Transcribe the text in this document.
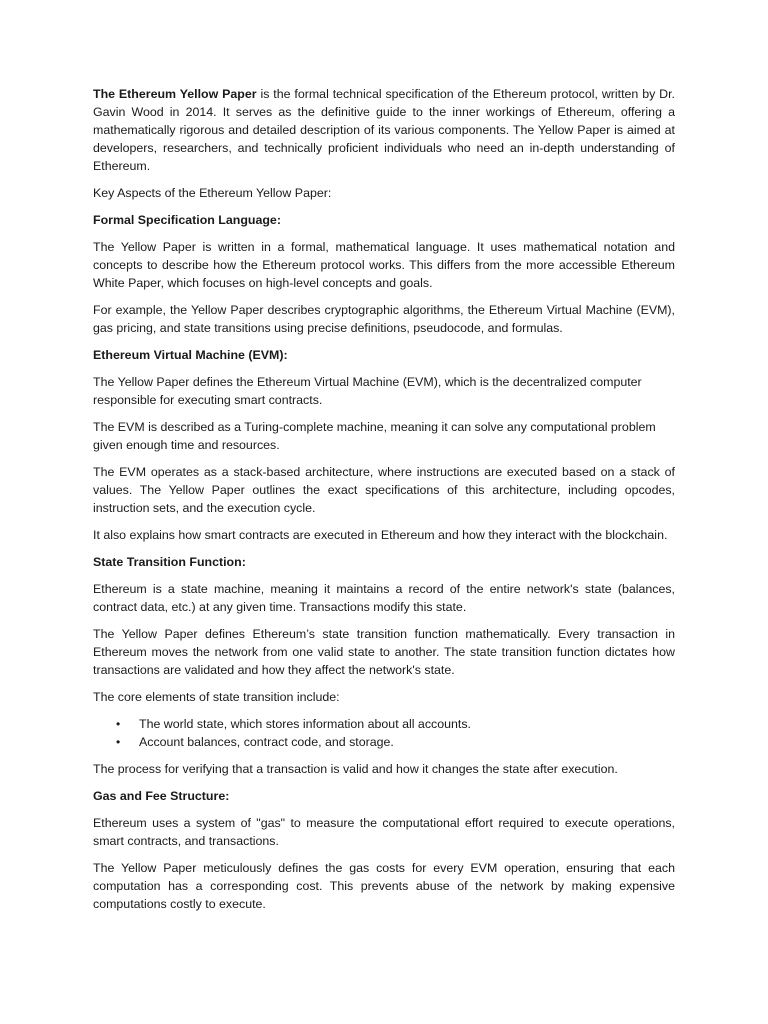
The Ethereum Yellow Paper is the formal technical specification of the Ethereum protocol, written by Dr. Gavin Wood in 2014. It serves as the definitive guide to the inner workings of Ethereum, offering a mathematically rigorous and detailed description of its various components. The Yellow Paper is aimed at developers, researchers, and technically proficient individuals who need an in-depth understanding of Ethereum.

Key Aspects of the Ethereum Yellow Paper:

Formal Specification Language:

The Yellow Paper is written in a formal, mathematical language. It uses mathematical notation and concepts to describe how the Ethereum protocol works. This differs from the more accessible Ethereum White Paper, which focuses on high-level concepts and goals.

For example, the Yellow Paper describes cryptographic algorithms, the Ethereum Virtual Machine (EVM), gas pricing, and state transitions using precise definitions, pseudocode, and formulas.

Ethereum Virtual Machine (EVM):

The Yellow Paper defines the Ethereum Virtual Machine (EVM), which is the decentralized computer responsible for executing smart contracts.

The EVM is described as a Turing-complete machine, meaning it can solve any computational problem given enough time and resources.

The EVM operates as a stack-based architecture, where instructions are executed based on a stack of values. The Yellow Paper outlines the exact specifications of this architecture, including opcodes, instruction sets, and the execution cycle.

It also explains how smart contracts are executed in Ethereum and how they interact with the blockchain.

State Transition Function:

Ethereum is a state machine, meaning it maintains a record of the entire network's state (balances, contract data, etc.) at any given time. Transactions modify this state.

The Yellow Paper defines Ethereum’s state transition function mathematically. Every transaction in Ethereum moves the network from one valid state to another. The state transition function dictates how transactions are validated and how they affect the network's state.

The core elements of state transition include:

• The world state, which stores information about all accounts.
• Account balances, contract code, and storage.

The process for verifying that a transaction is valid and how it changes the state after execution.

Gas and Fee Structure:

Ethereum uses a system of "gas" to measure the computational effort required to execute operations, smart contracts, and transactions.

The Yellow Paper meticulously defines the gas costs for every EVM operation, ensuring that each computation has a corresponding cost. This prevents abuse of the network by making expensive computations costly to execute.
